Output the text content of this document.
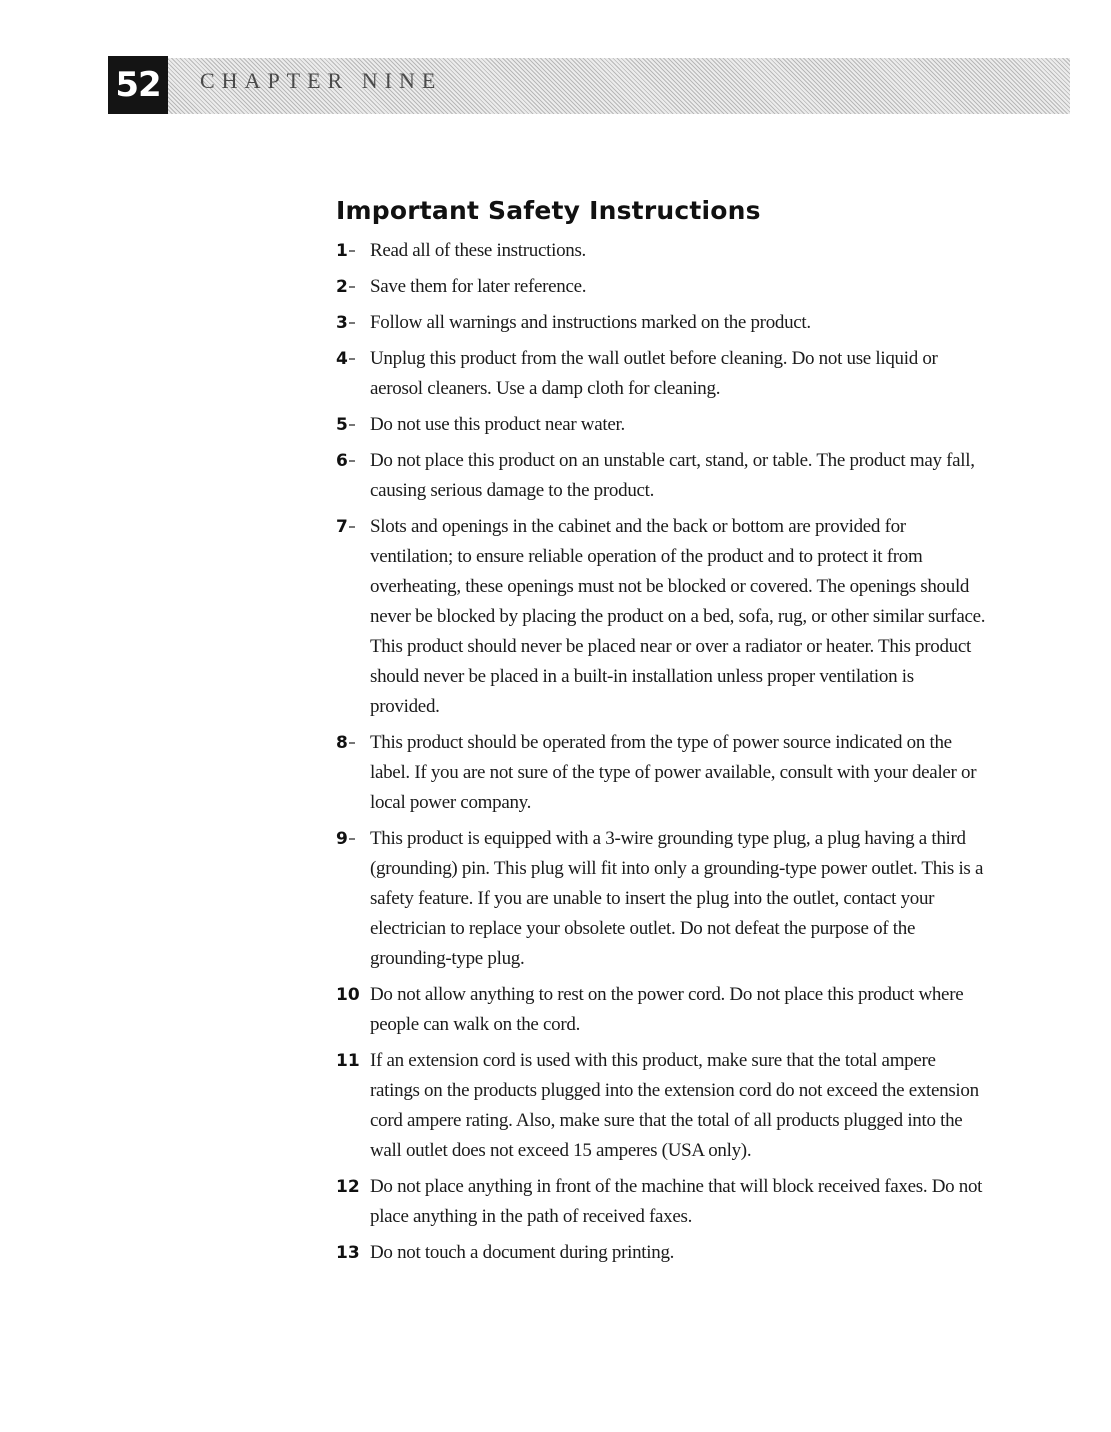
52	CHAPTER NINE
Important Safety Instructions
1	Read all of these instructions.
2	Save them for later reference.
3	Follow all warnings and instructions marked on the product.
4	Unplug this product from the wall outlet before cleaning. Do not use liquid or aerosol cleaners. Use a damp cloth for cleaning.
5	Do not use this product near water.
6	Do not place this product on an unstable cart, stand, or table. The product may fall, causing serious damage to the product.
7	Slots and openings in the cabinet and the back or bottom are provided for ventilation; to ensure reliable operation of the product and to protect it from overheating, these openings must not be blocked or covered. The openings should never be blocked by placing the product on a bed, sofa, rug, or other similar surface. This product should never be placed near or over a radiator or heater. This product should never be placed in a built-in installation unless proper ventilation is provided.
8	This product should be operated from the type of power source indicated on the label. If you are not sure of the type of power available, consult with your dealer or local power company.
9	This product is equipped with a 3-wire grounding type plug, a plug having a third (grounding) pin. This plug will fit into only a grounding-type power outlet. This is a safety feature. If you are unable to insert the plug into the outlet, contact your electrician to replace your obsolete outlet. Do not defeat the purpose of the grounding-type plug.
10 Do not allow anything to rest on the power cord. Do not place this product where people can walk on the cord.
11 If an extension cord is used with this product, make sure that the total ampere ratings on the products plugged into the extension cord do not exceed the extension cord ampere rating. Also, make sure that the total of all products plugged into the wall outlet does not exceed 15 amperes (USA only).
12 Do not place anything in front of the machine that will block received faxes. Do not place anything in the path of received faxes.
13 Do not touch a document during printing.
